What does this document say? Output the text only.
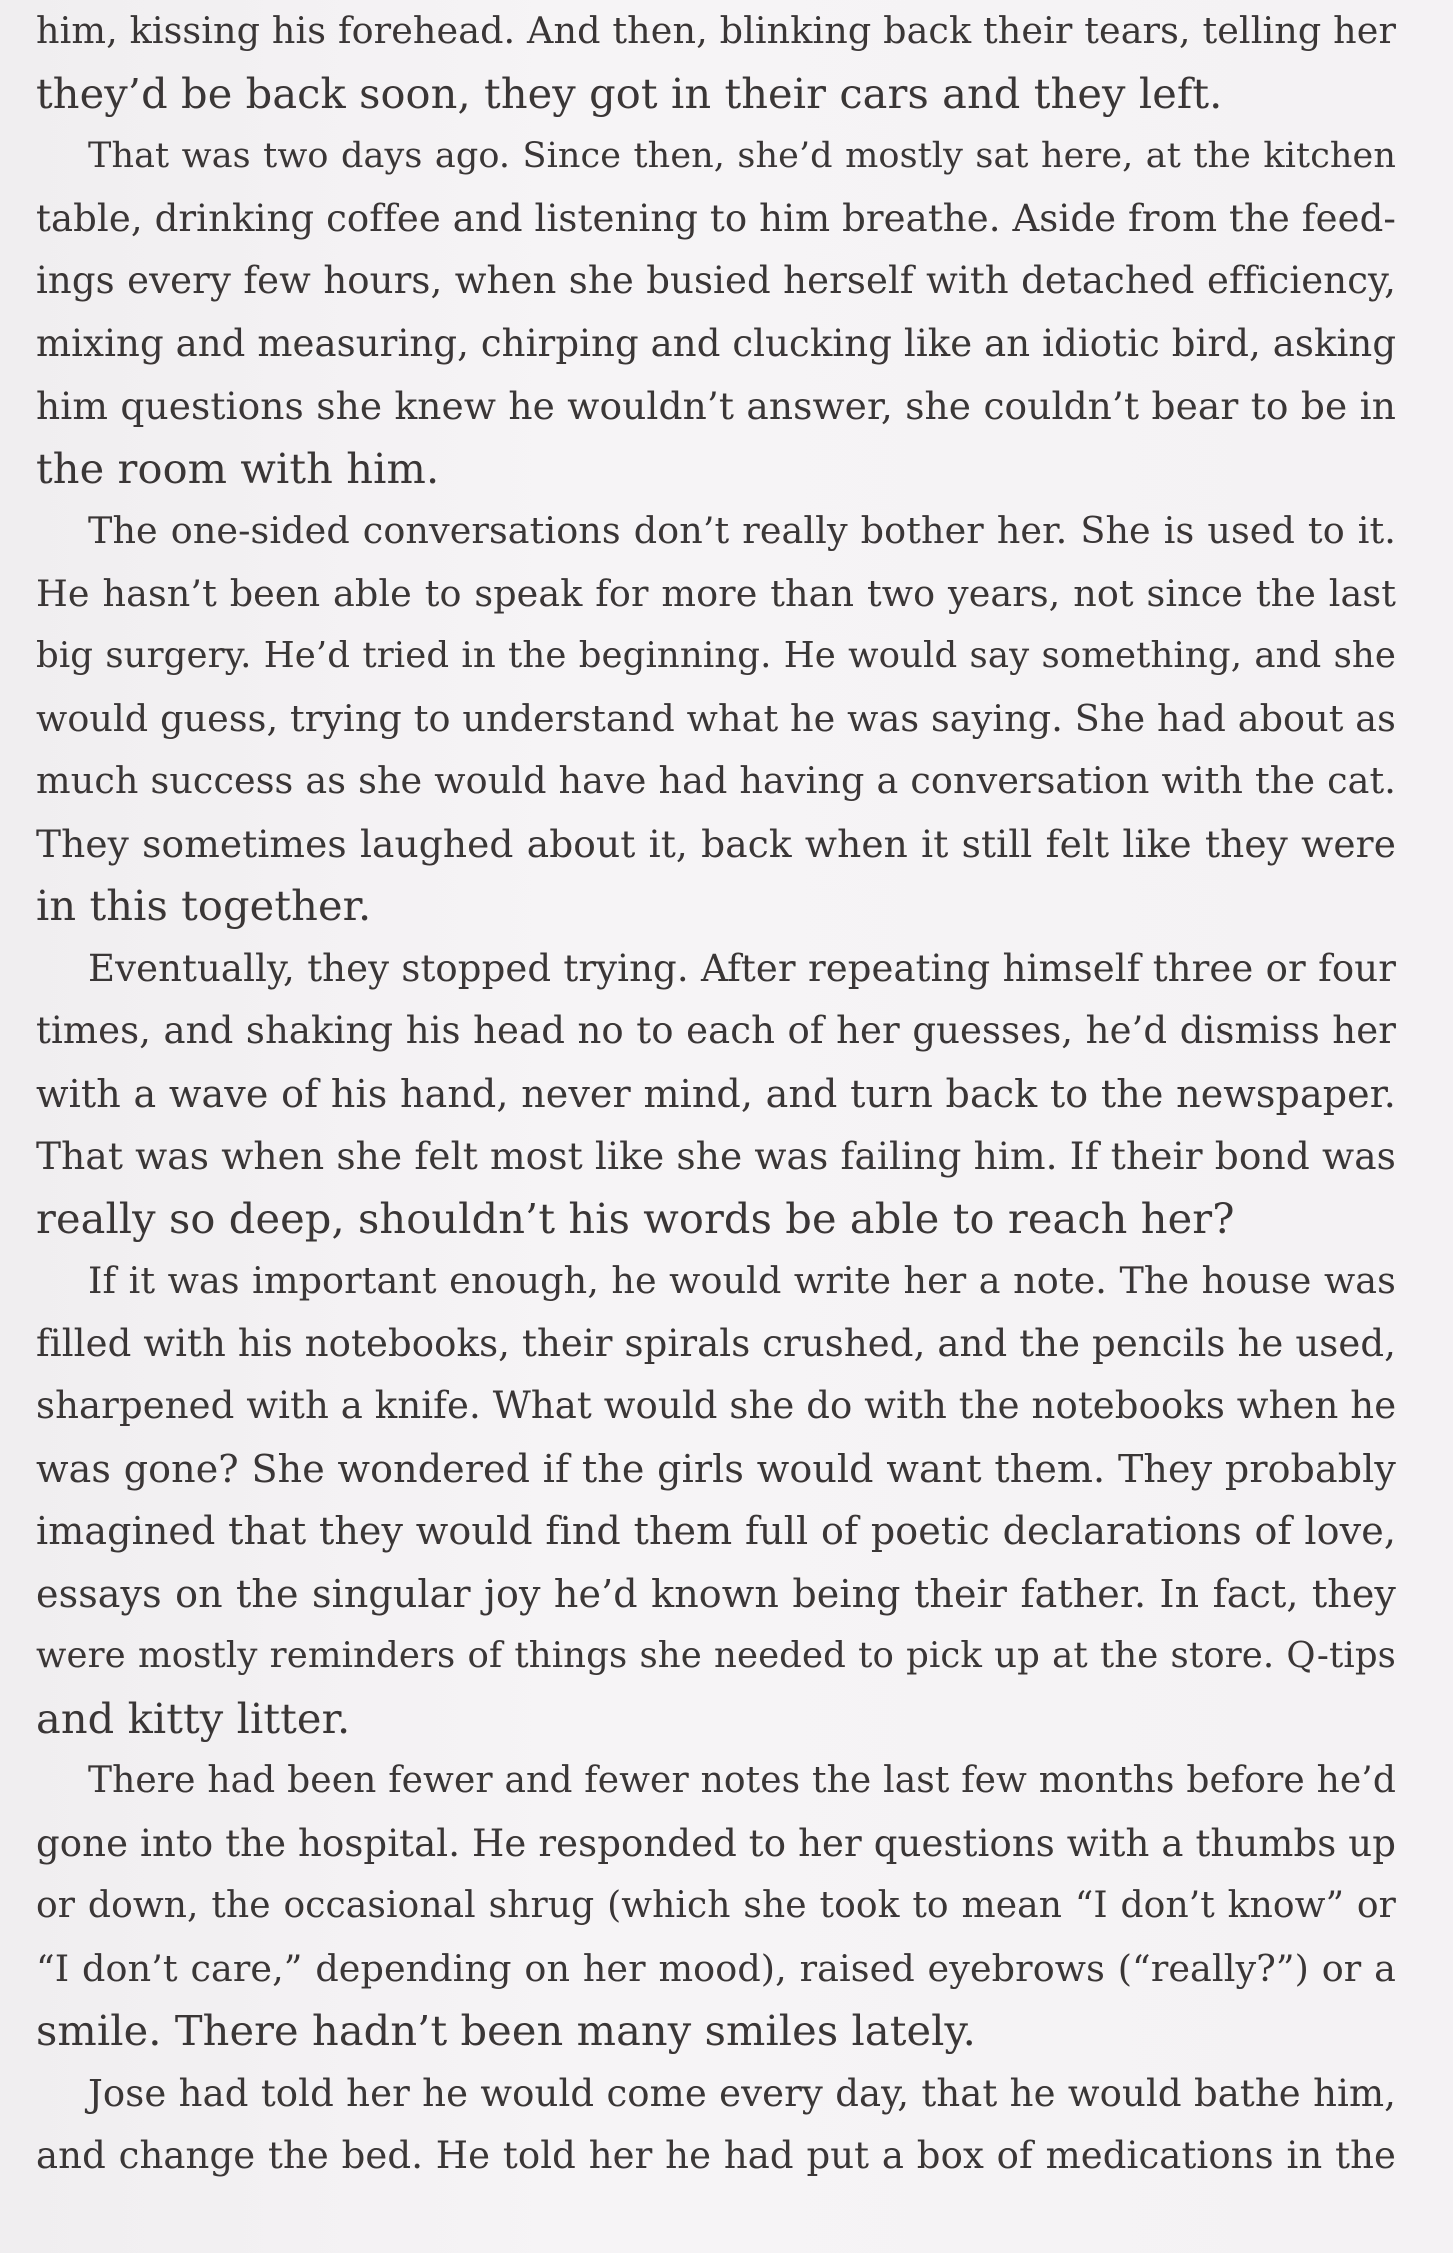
him, kissing his forehead. And then, blinking back their tears, telling her
they’d be back soon, they got in their cars and they left.
That was two days ago. Since then, she’d mostly sat here, at the kitchen
table, drinking coffee and listening to him breathe. Aside from the feed-
ings every few hours, when she busied herself with detached efficiency,
mixing and measuring, chirping and clucking like an idiotic bird, asking
him questions she knew he wouldn’t answer, she couldn’t bear to be in
the room with him.
The one-sided conversations don’t really bother her. She is used to it.
He hasn’t been able to speak for more than two years, not since the last
big surgery. He’d tried in the beginning. He would say something, and she
would guess, trying to understand what he was saying. She had about as
much success as she would have had having a conversation with the cat.
They sometimes laughed about it, back when it still felt like they were
in this together.
Eventually, they stopped trying. After repeating himself three or four
times, and shaking his head no to each of her guesses, he’d dismiss her
with a wave of his hand, never mind, and turn back to the newspaper.
That was when she felt most like she was failing him. If their bond was
really so deep, shouldn’t his words be able to reach her?
If it was important enough, he would write her a note. The house was
filled with his notebooks, their spirals crushed, and the pencils he used,
sharpened with a knife. What would she do with the notebooks when he
was gone? She wondered if the girls would want them. They probably
imagined that they would find them full of poetic declarations of love,
essays on the singular joy he’d known being their father. In fact, they
were mostly reminders of things she needed to pick up at the store. Q-tips
and kitty litter.
There had been fewer and fewer notes the last few months before he’d
gone into the hospital. He responded to her questions with a thumbs up
or down, the occasional shrug (which she took to mean “I don’t know” or
“I don’t care,” depending on her mood), raised eyebrows (“really?”) or a
smile. There hadn’t been many smiles lately.
Jose had told her he would come every day, that he would bathe him,
and change the bed. He told her he had put a box of medications in the
